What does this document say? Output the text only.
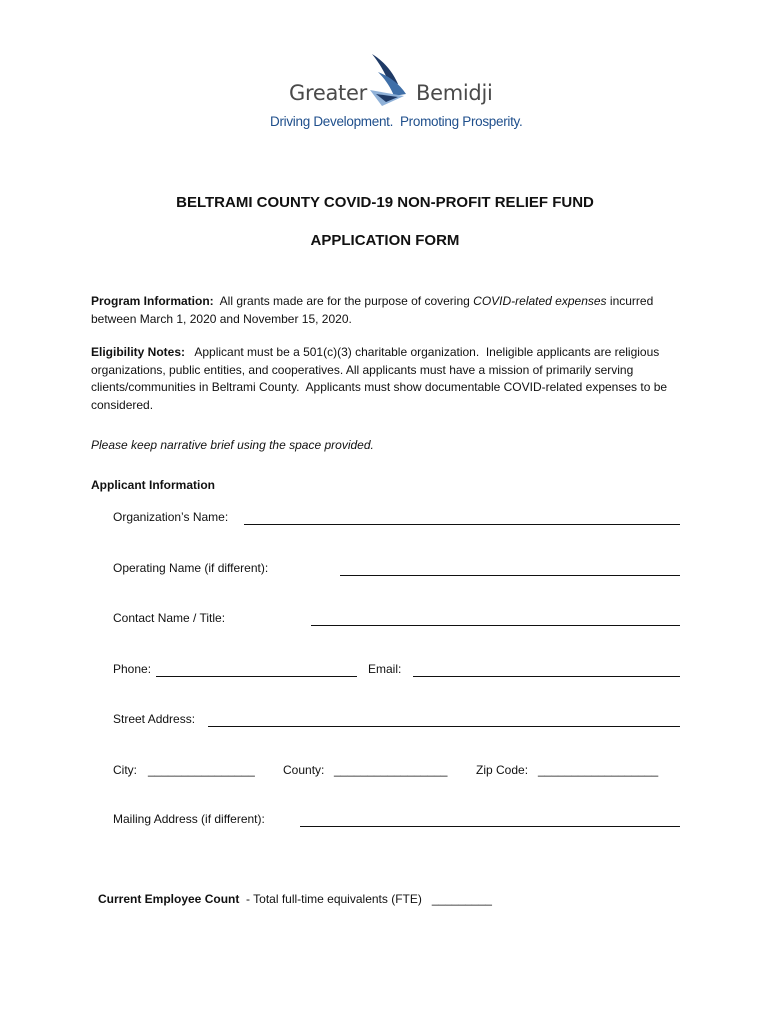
Greater Bemidji
Driving Development.  Promoting Prosperity.
BELTRAMI COUNTY COVID-19 NON-PROFIT RELIEF FUND
APPLICATION FORM
Program Information:  All grants made are for the purpose of covering COVID-related expenses incurred between March 1, 2020 and November 15, 2020.
Eligibility Notes:   Applicant must be a 501(c)(3) charitable organization.  Ineligible applicants are religious organizations, public entities, and cooperatives. All applicants must have a mission of primarily serving clients/communities in Beltrami County.  Applicants must show documentable COVID-related expenses to be considered.
Please keep narrative brief using the space provided.
Applicant Information
Organization’s Name:
Operating Name (if different):
Contact Name / Title:
Phone:	Email:
Street Address:
City: ________________ County: _________________ Zip Code: __________________
Mailing Address (if different):
Current Employee Count  - Total full-time equivalents (FTE)   _________
